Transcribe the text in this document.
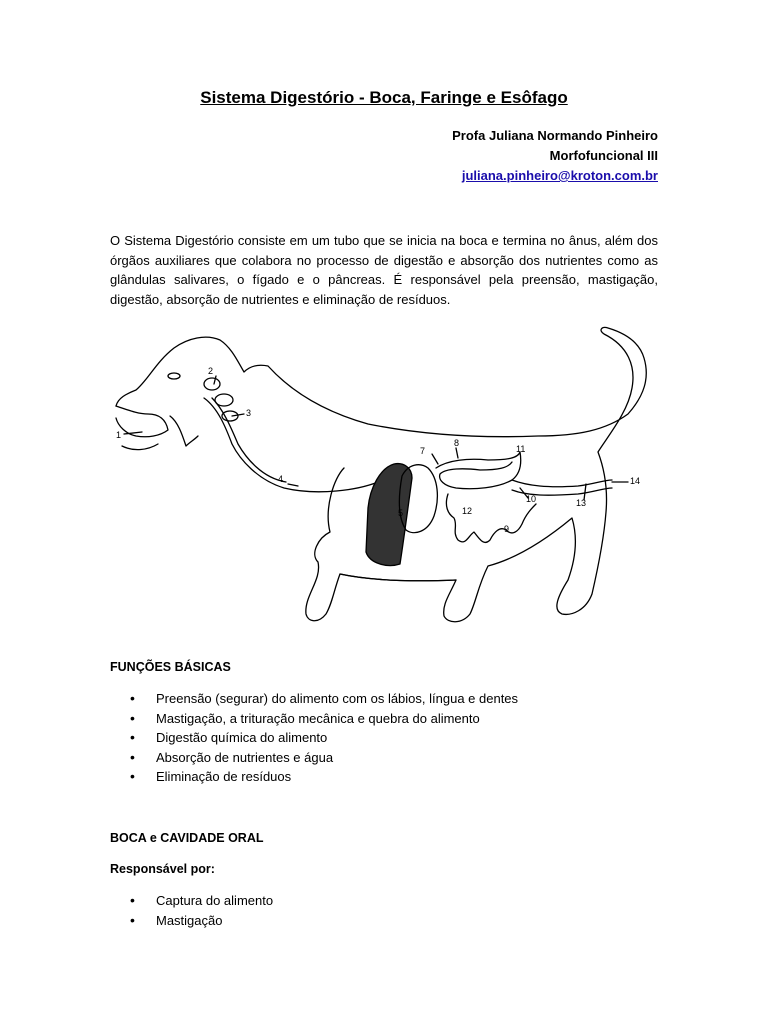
Sistema Digestório - Boca, Faringe e Esôfago
Profa Juliana Normando Pinheiro
Morfofuncional III
juliana.pinheiro@kroton.com.br

O Sistema Digestório consiste em um tubo que se inicia na boca e termina no ânus, além dos órgãos auxiliares que colabora no processo de digestão e absorção dos nutrientes como as glândulas salivares, o fígado e o pâncreas. É responsável pela preensão, mastigação, digestão, absorção de nutrientes e eliminação de resíduos.

1
2
3
4
5
7
8
9
10
11
12
13
14
FUNÇÕES BÁSICAS
• Preensão (segurar) do alimento com os lábios, língua e dentes
• Mastigação, a trituração mecânica e quebra do alimento
• Digestão química do alimento
• Absorção de nutrientes e água
• Eliminação de resíduos
BOCA e CAVIDADE ORAL
Responsável por:
• Captura do alimento
• Mastigação
